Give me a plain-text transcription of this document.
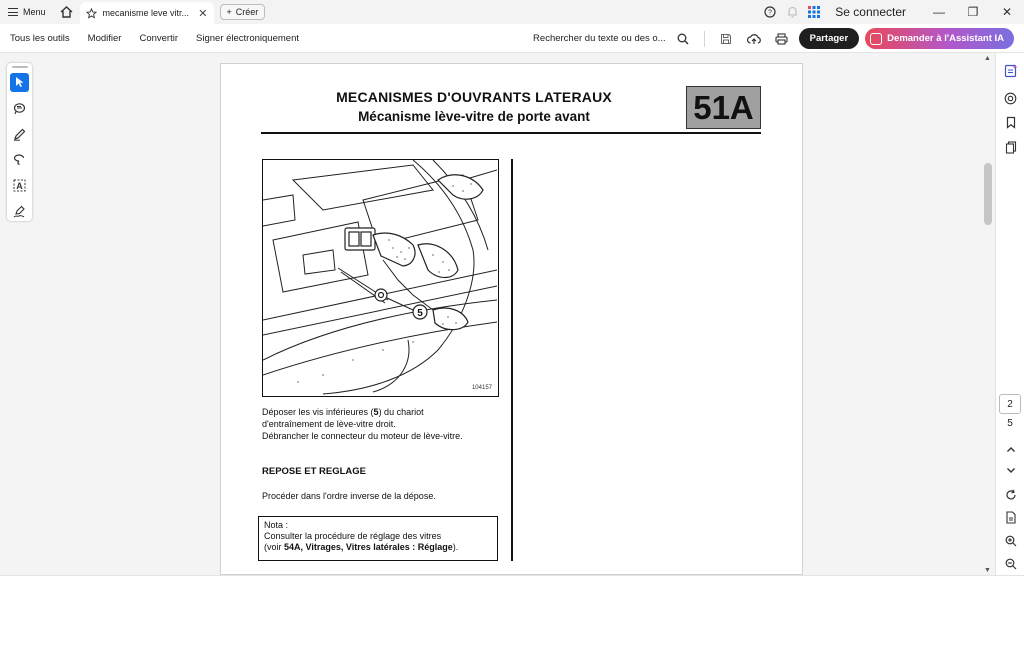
Menu	mecanisme leve vitr... ✕ + Créer	?	Se connecter	—	❐	✕
Tous les outils	Modifier	Convertir	Signer électroniquement	Rechercher du texte ou des o...	Partager	Demander à l'Assistant IA
A
MECANISMES D'OUVRANTS LATERAUX
Mécanisme lève-vitre de porte avant	51A
5
104157
Déposer les vis inférieures (5) du chariot
d'entraînement de lève-vitre droit.
Débrancher le connecteur du moteur de lève-vitre.
REPOSE ET REGLAGE
Procéder dans l'ordre inverse de la dépose.
Nota :
Consulter la procédure de réglage des vitres
(voir 54A, Vitrages, Vitres latérales : Réglage).
▲
▼
2
5
